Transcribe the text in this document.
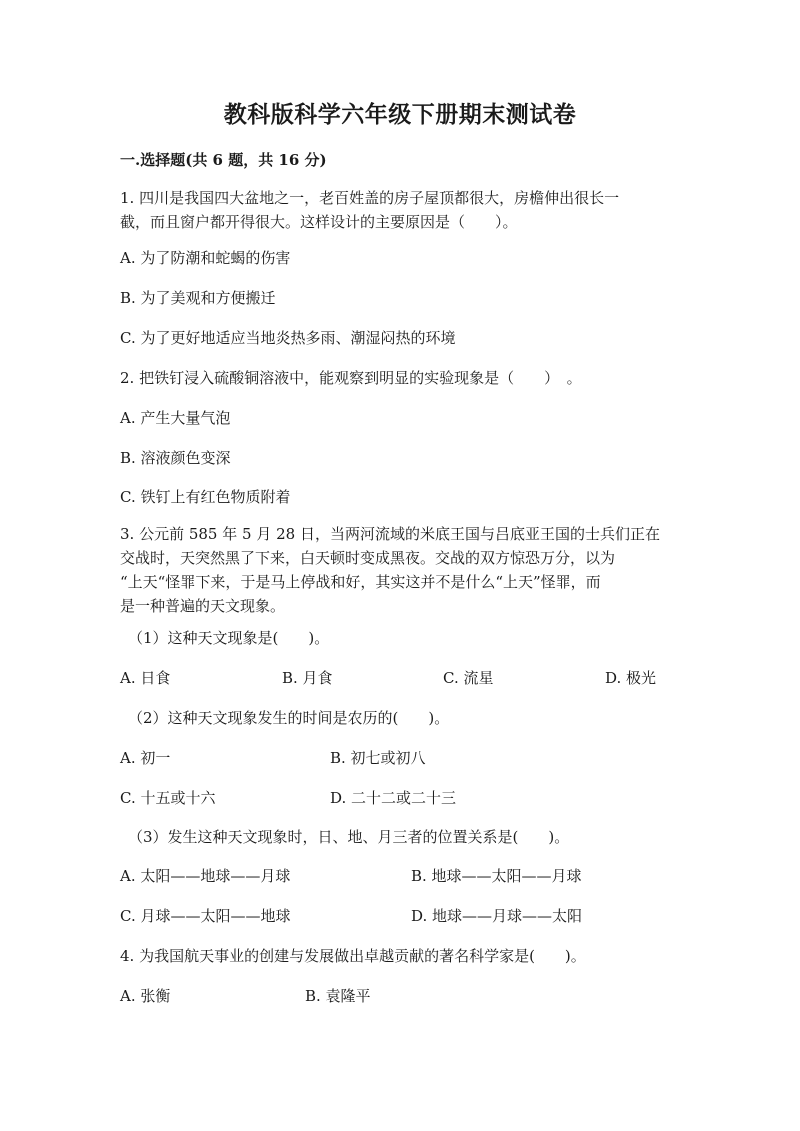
教科版科学六年级下册期末测试卷
一.选择题(共 6 题，共 16 分)
1. 四川是我国四大盆地之一，老百姓盖的房子屋顶都很大，房檐伸出很长一
截，而且窗户都开得很大。这样设计的主要原因是（　　）。
A. 为了防潮和蛇蝎的伤害
B. 为了美观和方便搬迁
C. 为了更好地适应当地炎热多雨、潮湿闷热的环境
2. 把铁钉浸入硫酸铜溶液中，能观察到明显的实验现象是（　　）　。
A. 产生大量气泡
B. 溶液颜色变深
C. 铁钉上有红色物质附着
3. 公元前 585 年 5 月 28 日，当两河流域的米底王国与吕底亚王国的士兵们正在
交战时，天突然黑了下来，白天顿时变成黑夜。交战的双方惊恐万分，以为
“上天“怪罪下来，于是马上停战和好，其实这并不是什么“上天”怪罪，而
是一种普遍的天文现象。
（1）这种天文现象是(　　)。
A. 日食	B. 月食	C. 流星	D. 极光
（2）这种天文现象发生的时间是农历的(　　)。
A. 初一	B. 初七或初八
C. 十五或十六	D. 二十二或二十三
（3）发生这种天文现象时，日、地、月三者的位置关系是(　　)。
A. 太阳——地球——月球	B. 地球——太阳——月球
C. 月球——太阳——地球	D. 地球——月球——太阳
4. 为我国航天事业的创建与发展做出卓越贡献的著名科学家是(　　)。
A. 张衡	B. 袁隆平
